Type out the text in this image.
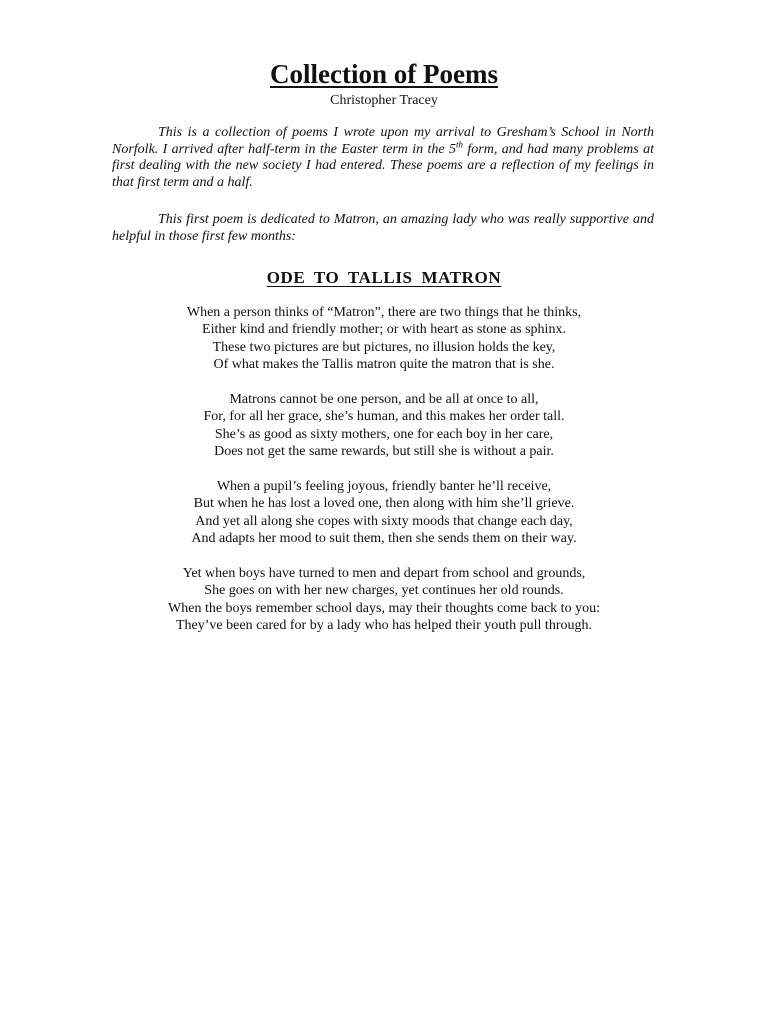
Collection of Poems
Christopher Tracey

This is a collection of poems I wrote upon my arrival to Gresham’s School in North Norfolk. I arrived after half-term in the Easter term in the 5th form, and had many problems at first dealing with the new society I had entered. These poems are a reflection of my feelings in that first term and a half.

This first poem is dedicated to Matron, an amazing lady who was really supportive and helpful in those first few months:

ODE TO TALLIS MATRON
When a person thinks of “Matron”, there are two things that he thinks,
Either kind and friendly mother; or with heart as stone as sphinx.
These two pictures are but pictures, no illusion holds the key,
Of what makes the Tallis matron quite the matron that is she.
Matrons cannot be one person, and be all at once to all,
For, for all her grace, she’s human, and this makes her order tall.
She’s as good as sixty mothers, one for each boy in her care,
Does not get the same rewards, but still she is without a pair.
When a pupil’s feeling joyous, friendly banter he’ll receive,
But when he has lost a loved one, then along with him she’ll grieve.
And yet all along she copes with sixty moods that change each day,
And adapts her mood to suit them, then she sends them on their way.
Yet when boys have turned to men and depart from school and grounds,
She goes on with her new charges, yet continues her old rounds.
When the boys remember school days, may their thoughts come back to you:
They’ve been cared for by a lady who has helped their youth pull through.
